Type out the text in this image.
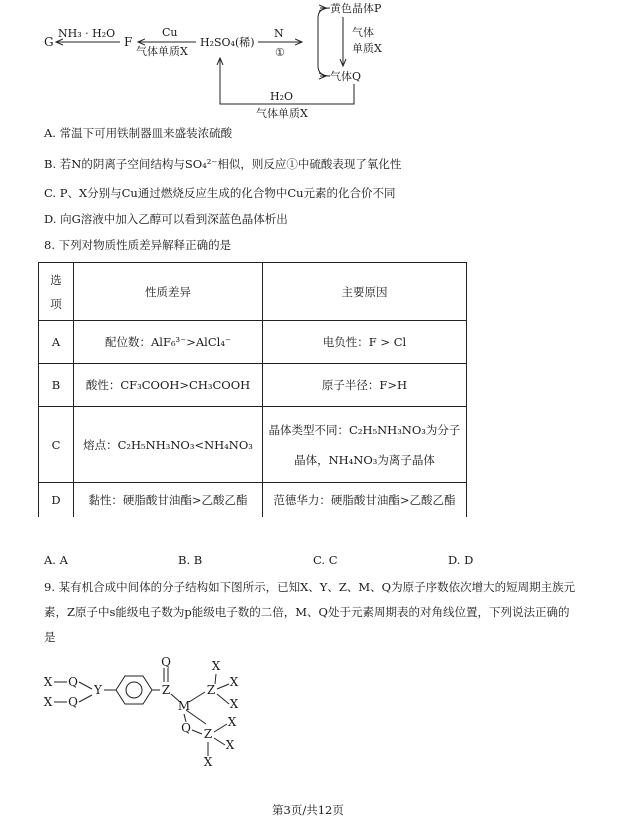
G
NH₃ · H₂O
F
Cu
气体单质X
H₂SO₄(稀)
N
①
黄色晶体P
气体
单质X
气体Q
H₂O
气体单质X
A. 常温下可用铁制器皿来盛装浓硫酸
B. 若N的阴离子空间结构与SO₄²⁻相似，则反应①中硫酸表现了氧化性
C. P、X分别与Cu通过燃烧反应生成的化合物中Cu元素的化合价不同
D. 向G溶液中加入乙醇可以看到深蓝色晶体析出
8. 下列对物质性质差异解释正确的是
选
项	性质差异	主要原因
A	配位数：AlF₆³⁻>AlCl₄⁻	电负性：F > Cl
B	酸性：CF₃COOH>CH₃COOH	原子半径：F>H
C	熔点：C₂H₅NH₃NO₃<NH₄NO₃	晶体类型不同：C₂H₅NH₃NO₃为分子
晶体，NH₄NO₃为离子晶体

D	黏性：硬脂酸甘油酯>乙酸乙酯	范德华力：硬脂酸甘油酯>乙酸乙酯
A. A	B. B	C. C	D. D
9. 某有机合成中间体的分子结构如下图所示，已知X、Y、Z、M、Q为原子序数依次增大的短周期主族元
素，Z原子中s能级电子数为p能级电子数的二倍，M、Q处于元素周期表的对角线位置，下列说法正确的
是
X Q
X Q
Y	Z
Q
M
Z
X
X
X
Q Z
X
X
X
第3页/共12页
